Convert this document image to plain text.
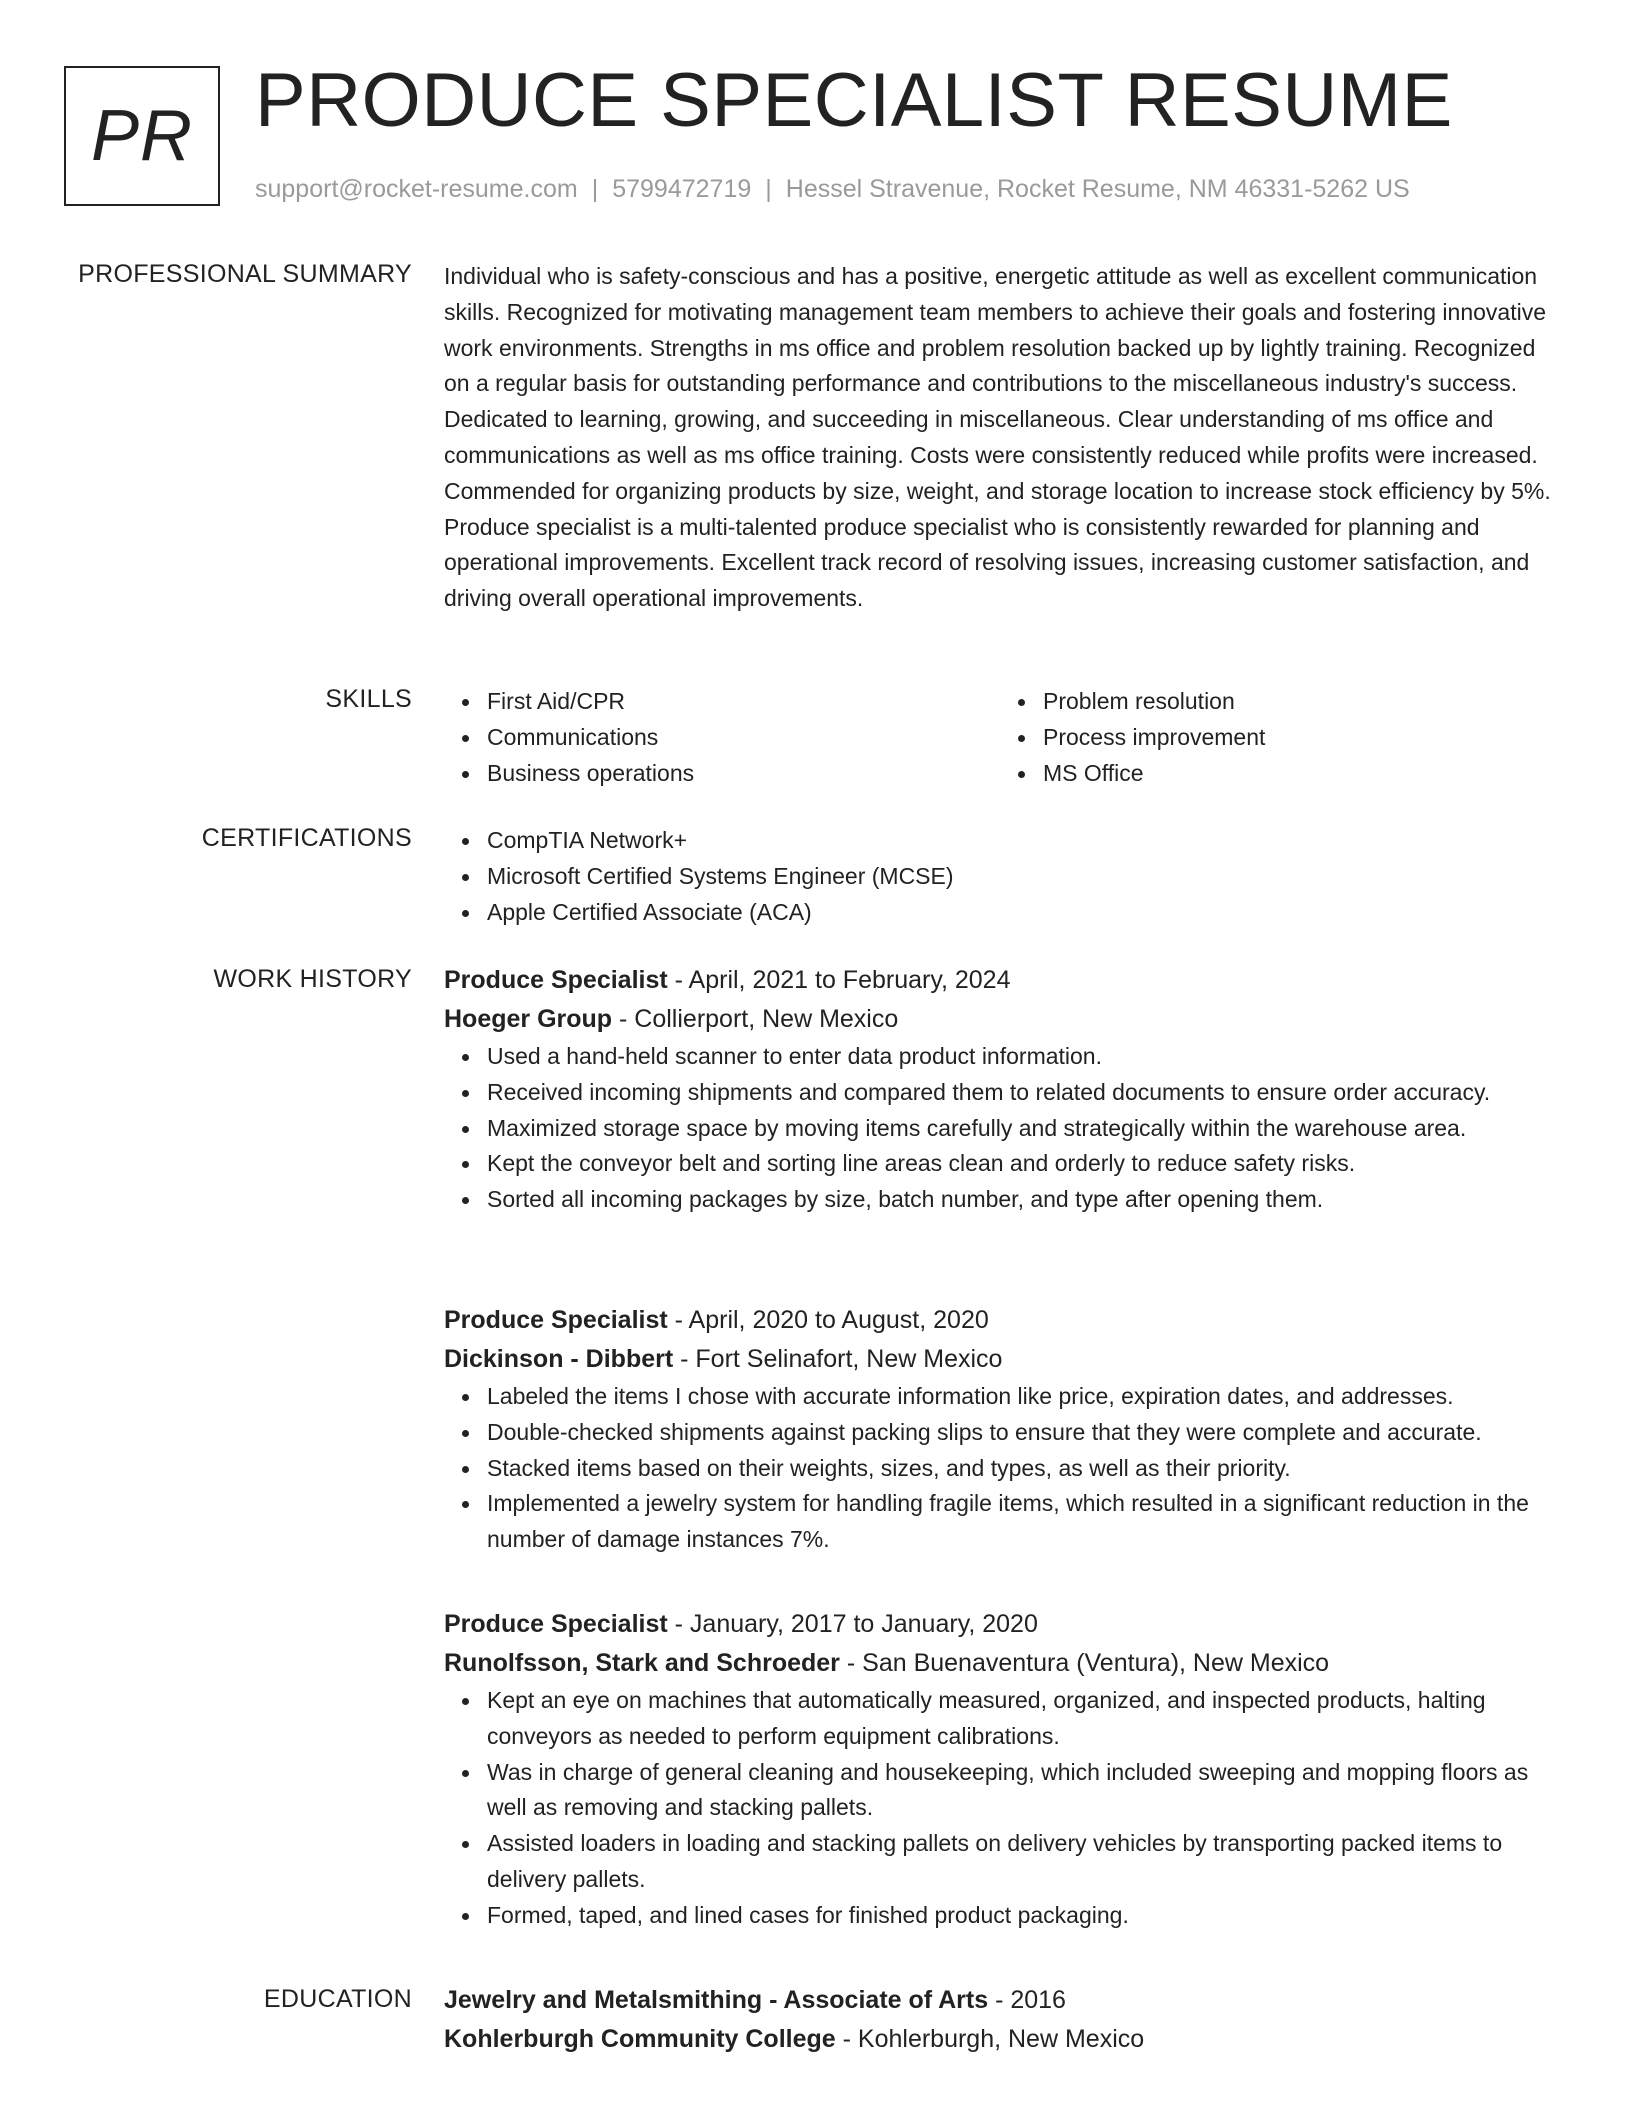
PR PRODUCE SPECIALIST RESUME
support@rocket-resume.com | 5799472719 | Hessel Stravenue, Rocket Resume, NM 46331-5262 US
PROFESSIONAL SUMMARY Individual who is safety-conscious and has a positive, energetic attitude as well as excellent communication skills. Recognized for motivating management team members to achieve their goals and fostering innovative work environments. Strengths in ms office and problem resolution backed up by lightly training. Recognized on a regular basis for outstanding performance and contributions to the miscellaneous industry's success. Dedicated to learning, growing, and succeeding in miscellaneous. Clear understanding of ms office and communications as well as ms office training. Costs were consistently reduced while profits were increased. Commended for organizing products by size, weight, and storage location to increase stock efficiency by 5%. Produce specialist is a multi-talented produce specialist who is consistently rewarded for planning and operational improvements. Excellent track record of resolving issues, increasing customer satisfaction, and driving overall operational improvements.
SKILLS	First Aid/CPR
Communications
Business operations
Problem resolution
Process improvement
MS Office
CERTIFICATIONS	CompTIA Network+
Microsoft Certified Systems Engineer (MCSE)
Apple Certified Associate (ACA)
WORK HISTORY Produce Specialist - April, 2021 to February, 2024
Hoeger Group - Collierport, New Mexico
Used a hand-held scanner to enter data product information.
Received incoming shipments and compared them to related documents to ensure order accuracy.
Maximized storage space by moving items carefully and strategically within the warehouse area.
Kept the conveyor belt and sorting line areas clean and orderly to reduce safety risks.
Sorted all incoming packages by size, batch number, and type after opening them.
Produce Specialist - April, 2020 to August, 2020
Dickinson - Dibbert - Fort Selinafort, New Mexico
Labeled the items I chose with accurate information like price, expiration dates, and addresses.
Double-checked shipments against packing slips to ensure that they were complete and accurate.
Stacked items based on their weights, sizes, and types, as well as their priority.
Implemented a jewelry system for handling fragile items, which resulted in a significant reduction in the number of damage instances 7%.
Produce Specialist - January, 2017 to January, 2020
Runolfsson, Stark and Schroeder - San Buenaventura (Ventura), New Mexico
Kept an eye on machines that automatically measured, organized, and inspected products, halting conveyors as needed to perform equipment calibrations.
Was in charge of general cleaning and housekeeping, which included sweeping and mopping floors as well as removing and stacking pallets.
Assisted loaders in loading and stacking pallets on delivery vehicles by transporting packed items to delivery pallets.
Formed, taped, and lined cases for finished product packaging.
EDUCATION Jewelry and Metalsmithing - Associate of Arts - 2016
Kohlerburgh Community College - Kohlerburgh, New Mexico
